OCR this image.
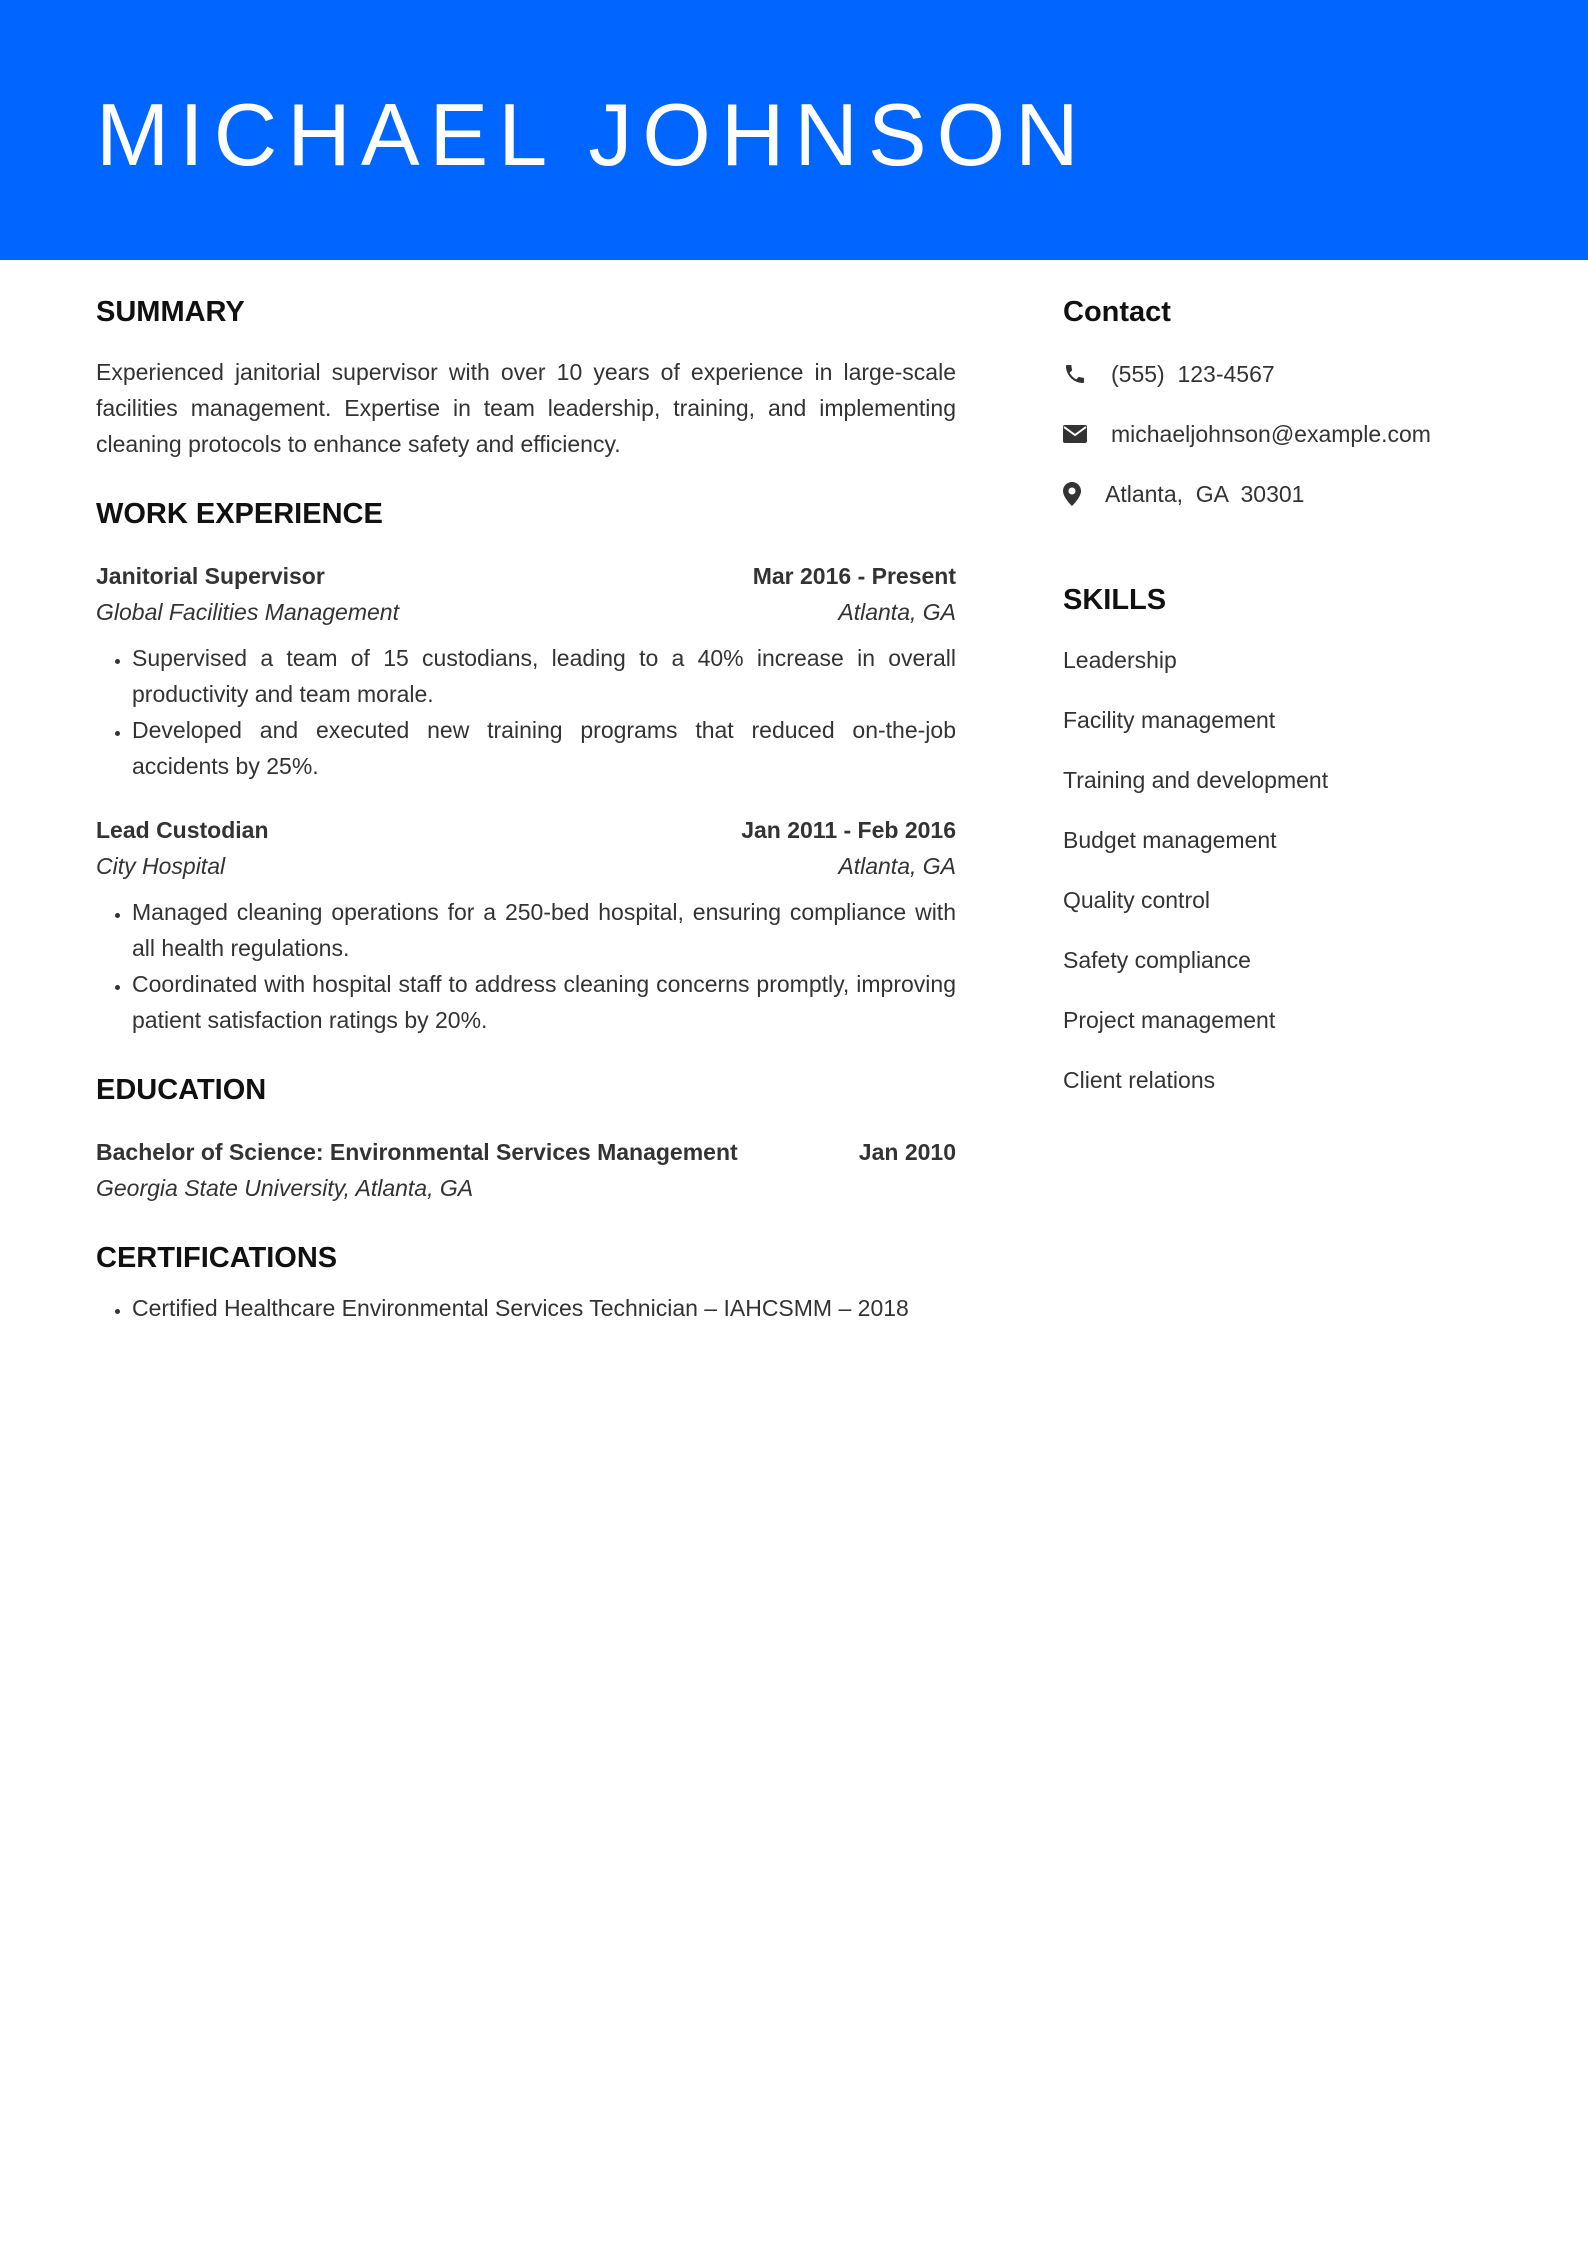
MICHAEL JOHNSON
SUMMARY

Experienced janitorial supervisor with over 10 years of experience in large-scale facilities management. Expertise in team leadership, training, and implementing cleaning protocols to enhance safety and efficiency.

WORK EXPERIENCE
Janitorial Supervisor	Mar 2016 - Present
Global Facilities Management	Atlanta, GA
• Supervised a team of 15 custodians, leading to a 40% increase in overall productivity and team morale.
• Developed and executed new training programs that reduced on-the-job accidents by 25%.
Lead Custodian	Jan 2011 - Feb 2016
City Hospital	Atlanta, GA
• Managed cleaning operations for a 250-bed hospital, ensuring compliance with all health regulations.
• Coordinated with hospital staff to address cleaning concerns promptly, improving patient satisfaction ratings by 20%.
EDUCATION
Bachelor of Science: Environmental Services Management	Jan 2010
Georgia State University, Atlanta, GA
CERTIFICATIONS
• Certified Healthcare Environmental Services Technician – IAHCSMM – 2018
Contact
(555)  123-4567
michaeljohnson@example.com
Atlanta,  GA  30301
SKILLS
Leadership
Facility management
Training and development
Budget management
Quality control
Safety compliance
Project management
Client relations
